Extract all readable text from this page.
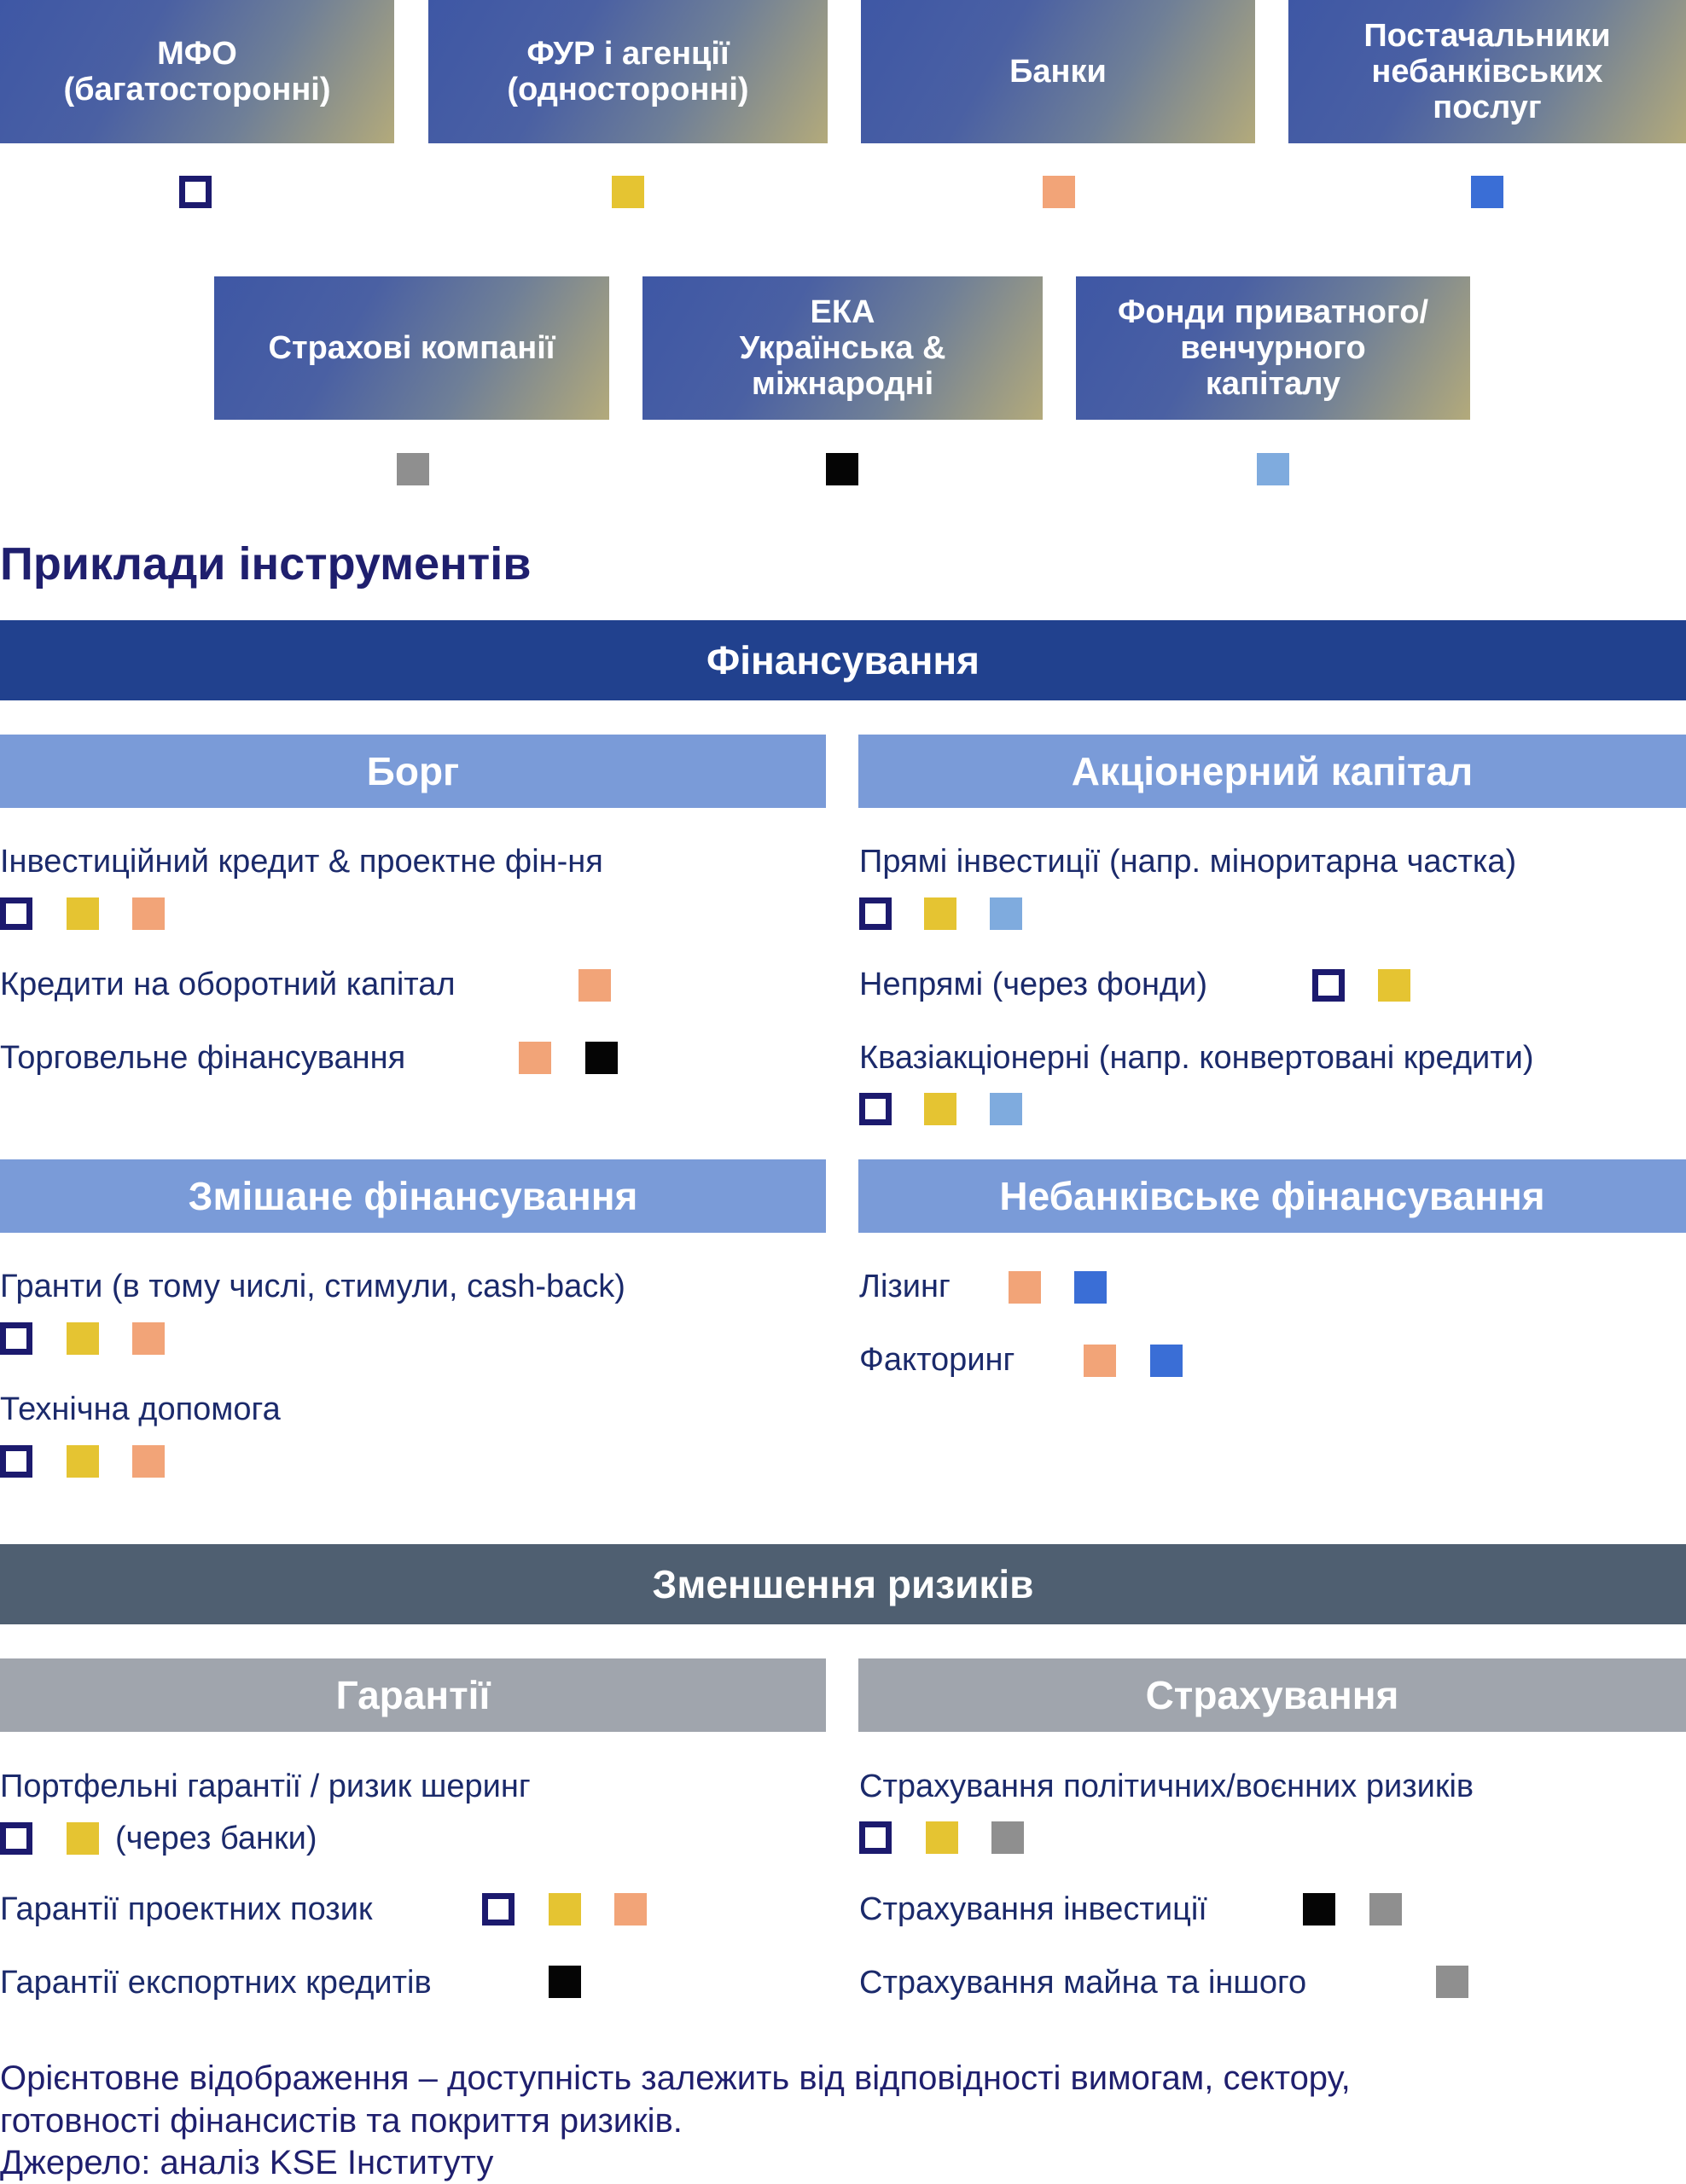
МФО
(багатосторонні)
ФУР і агенції
(односторонні)	Банки
Постачальники
небанківських
послуг
Страхові компанії
ЕКА
Українська &
міжнародні
Фонди приватного/
венчурного
капіталу
Приклади інструментів
Фінансування
Борг	Акціонерний капітал
Інвестиційний кредит & проектне фін-ня
Кредити на оборотний капітал
Торговельне фінансування
Прямі інвестиції (напр. міноритарна частка)
Непрямі (через фонди)
Квазіакціонерні (напр. конвертовані кредити)
Змішане фінансування	Небанківське фінансування
Гранти (в тому числі, стимули, cash-back)
Технічна допомога
Лізинг
Факторинг
Зменшення ризиків
Гарантії	Страхування
Портфельні гарантії / ризик шеринг
(через банки)
Гарантії проектних позик
Гарантії експортних кредитів
Страхування політичних/воєнних ризиків
Страхування інвестиції
Страхування майна та іншого
Орієнтовне відображення – доступність залежить від відповідності вимогам, сектору,
готовності фінансистів та покриття ризиків.
Джерело: аналіз KSE Інституту
